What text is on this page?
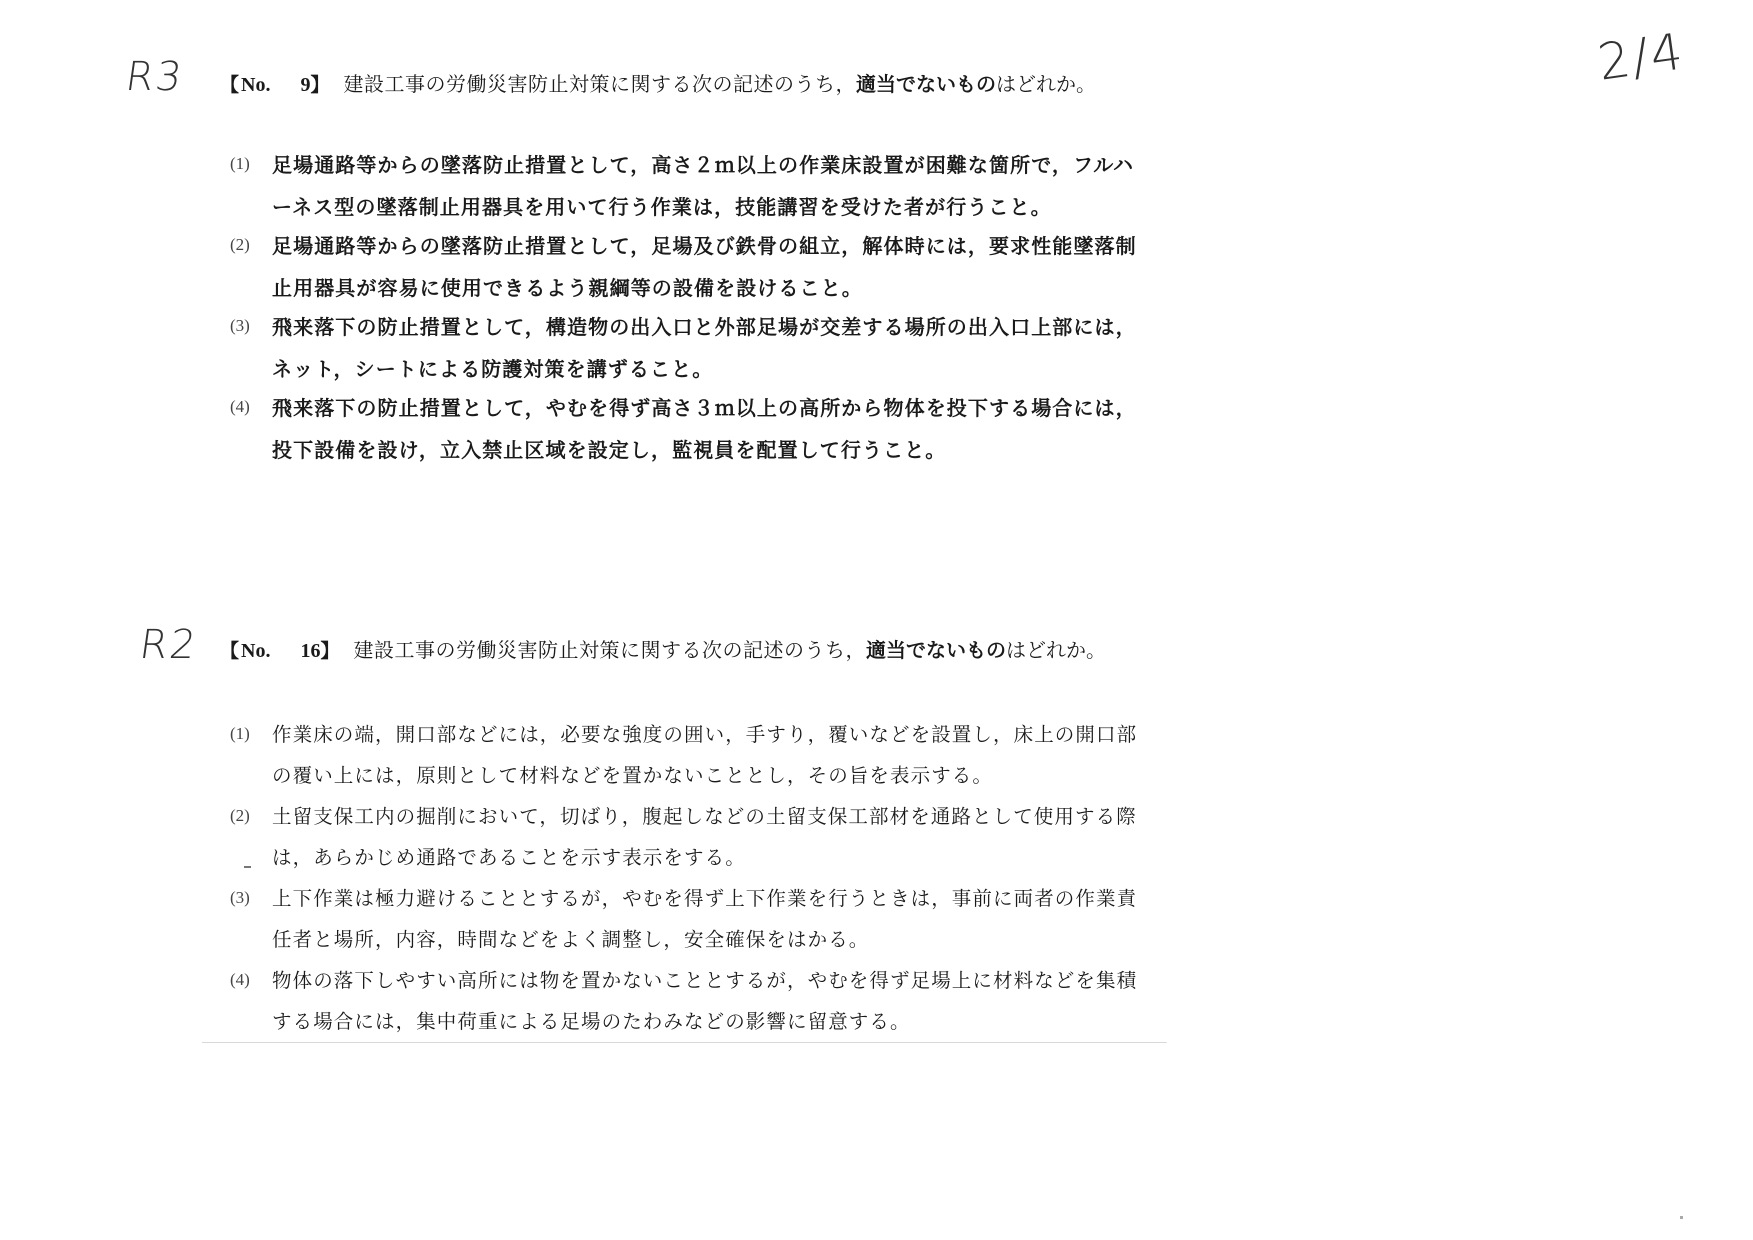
R3	2/4
R2
【 No. 9 】 建設工事の労働災害防止対策に関する次の記述のうち， 適当でないもの はどれか。
(1)	足場通路等からの墜落防止措置として，高さ２ｍ以上の作業床設置が困難な箇所で，フルハーネス型の墜落制止用器具を用いて行う作業は，技能講習を受けた者が行うこと。
(2)	足場通路等からの墜落防止措置として，足場及び鉄骨の組立，解体時には，要求性能墜落制止用器具が容易に使用できるよう親綱等の設備を設けること。
(3)	飛来落下の防止措置として，構造物の出入口と外部足場が交差する場所の出入口上部には，ネット，シートによる防護対策を講ずること。
(4)	飛来落下の防止措置として，やむを得ず高さ３ｍ以上の高所から物体を投下する場合には，投下設備を設け，立入禁止区域を設定し，監視員を配置して行うこと。
【 No. 16 】 建設工事の労働災害防止対策に関する次の記述のうち， 適当でないもの はどれか。
(1)	作業床の端，開口部などには，必要な強度の囲い，手すり，覆いなどを設置し，床上の開口部の覆い上には，原則として材料などを置かないこととし，その旨を表示する。
(2)	土留支保工内の掘削において，切ばり，腹起しなどの土留支保工部材を通路として使用する際は，あらかじめ通路であることを示す表示をする。
(3)	上下作業は極力避けることとするが，やむを得ず上下作業を行うときは，事前に両者の作業責任者と場所，内容，時間などをよく調整し，安全確保をはかる。
(4)	物体の落下しやすい高所には物を置かないこととするが，やむを得ず足場上に材料などを集積する場合には，集中荷重による足場のたわみなどの影響に留意する。
